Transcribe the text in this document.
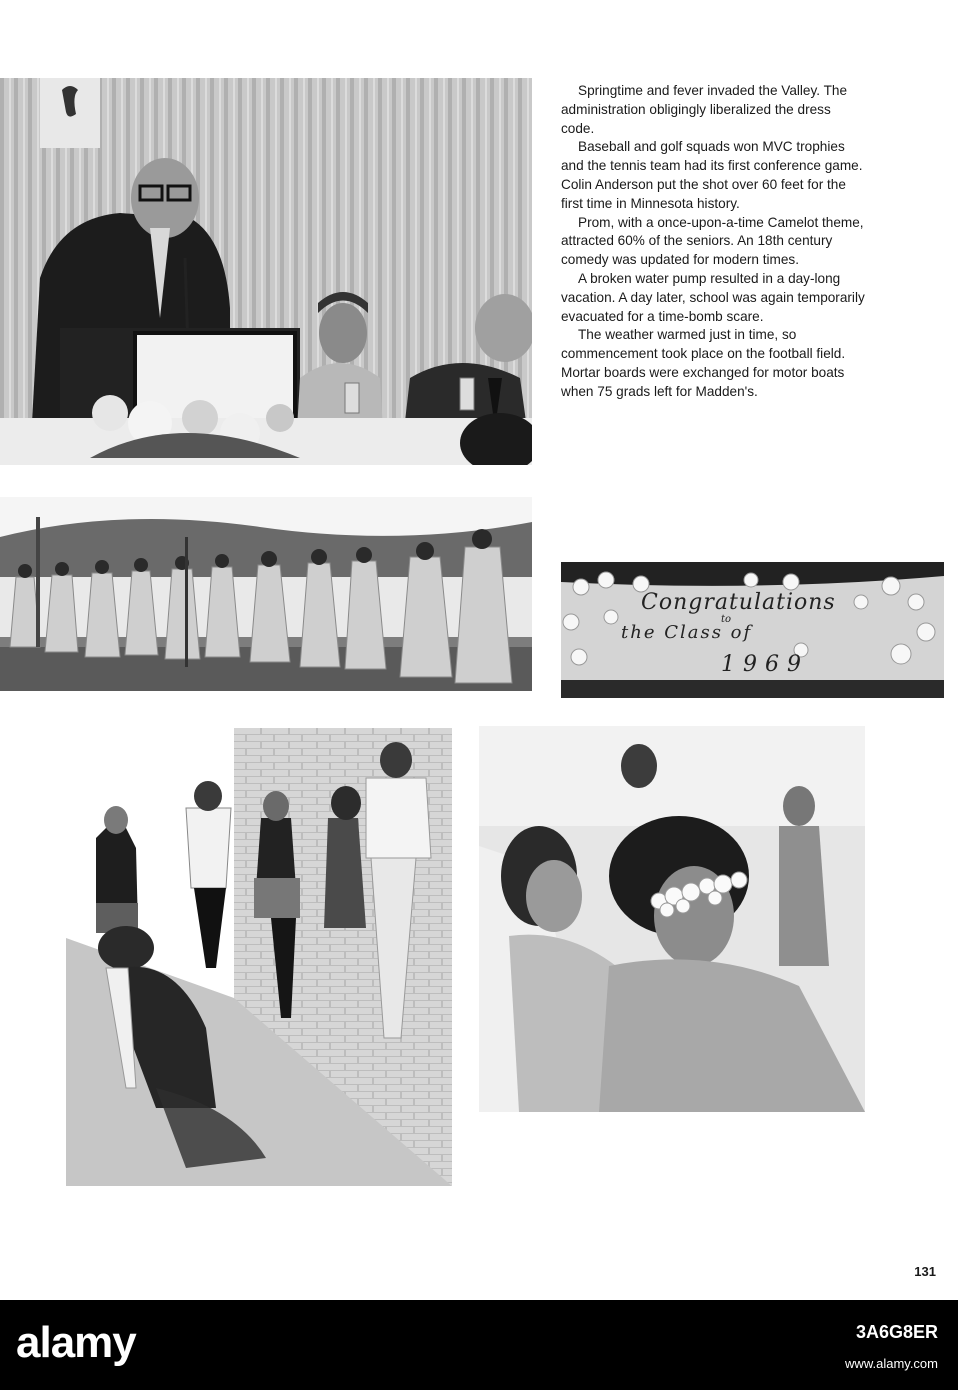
Springtime and fever invaded the Valley. The administration obligingly liberalized the dress code.

Baseball and golf squads won MVC trophies and the tennis team had its first conference game. Colin Anderson put the shot over 60 feet for the first time in Minnesota history.

Prom, with a once-upon-a-time Camelot theme, attracted 60% of the seniors. An 18th century comedy was updated for modern times.

A broken water pump resulted in a day-long vacation. A day later, school was again temporarily evacuated for a time-bomb scare.

The weather warmed just in time, so commencement took place on the football field. Mortar boards were exchanged for motor boats when 75 grads left for Madden's.

Congratulations
to
the Class of
1969
131
alamy	3A6G8ER
www.alamy.com
